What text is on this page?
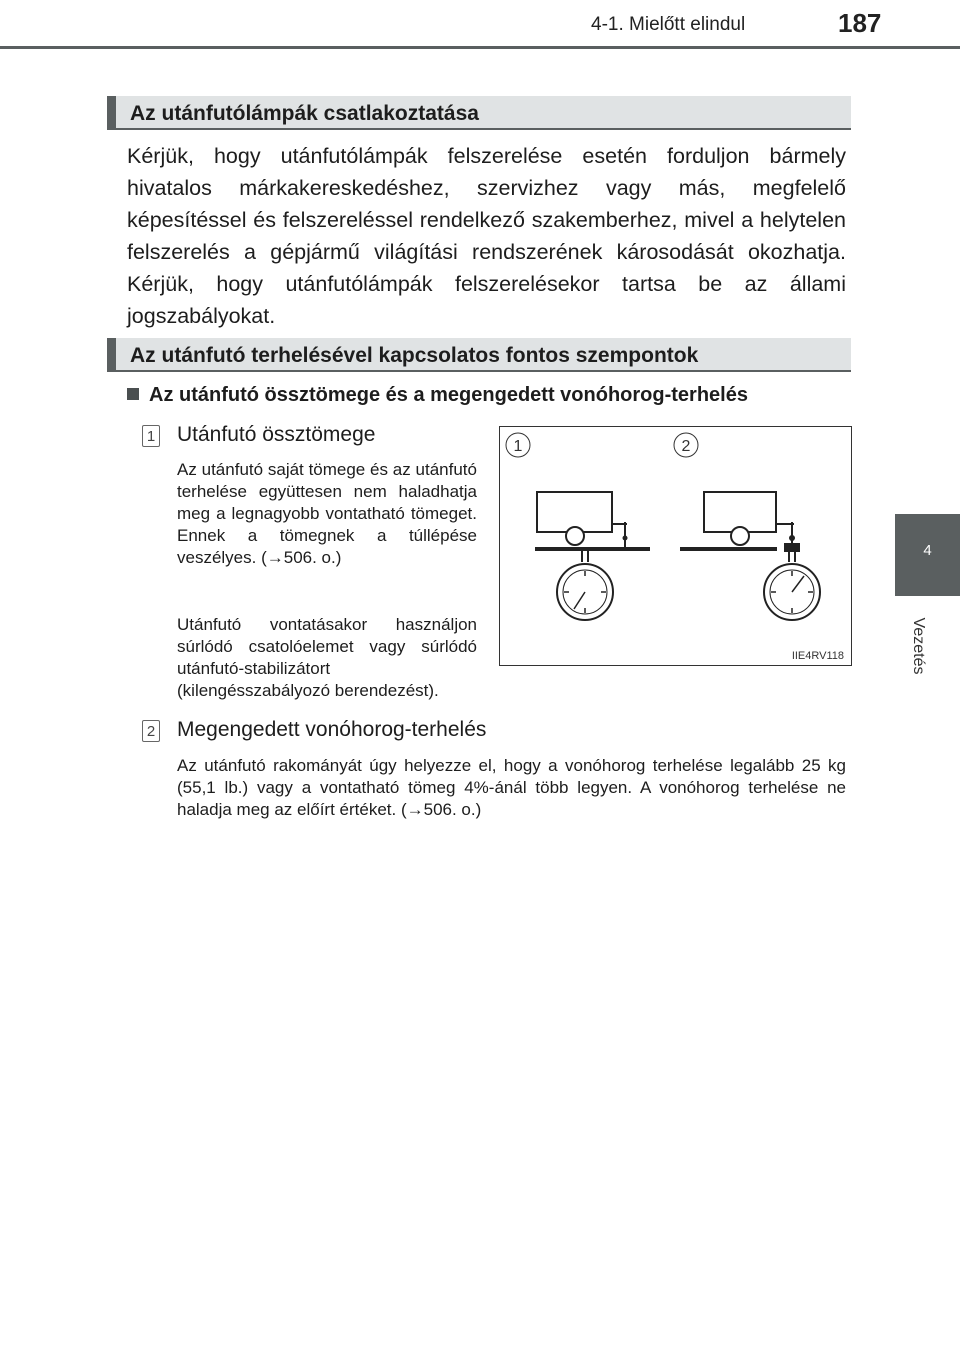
4-1. Mielőtt elindul	187
4
Vezetés
Az utánfutólámpák csatlakoztatása
Kérjük, hogy utánfutólámpák felszerelése esetén forduljon bármely hivatalos márkakereskedéshez, szervizhez vagy más, megfelelő képesítéssel és felszereléssel rendelkező szakemberhez, mivel a helytelen felszerelés a gépjármű világítási rendszerének károsodását okozhatja. Kérjük, hogy utánfutólámpák felszerelésekor tartsa be az állami jogszabályokat.
Az utánfutó terhelésével kapcsolatos fontos szempontok
Az utánfutó össztömege és a megengedett vonóhorog-terhelés
1 Utánfutó össztömege
Az utánfutó saját tömege és az utánfutó terhelése együttesen nem haladhatja meg a legnagyobb vontatható tömeget. Ennek a tömegnek a túllépése veszélyes. (→506. o.)
Utánfutó vontatásakor használjon súrlódó csatolóelemet vagy súrlódó utánfutó-stabilizátort (kilengésszabályozó berendezést).
2 Megengedett vonóhorog-terhelés
Az utánfutó rakományát úgy helyezze el, hogy a vonóhorog terhelése legalább 25 kg (55,1 lb.) vagy a vontatható tömeg 4%-ánál több legyen. A vonóhorog terhelése ne haladja meg az előírt értéket. (→506. o.)
1	2
IIE4RV118
